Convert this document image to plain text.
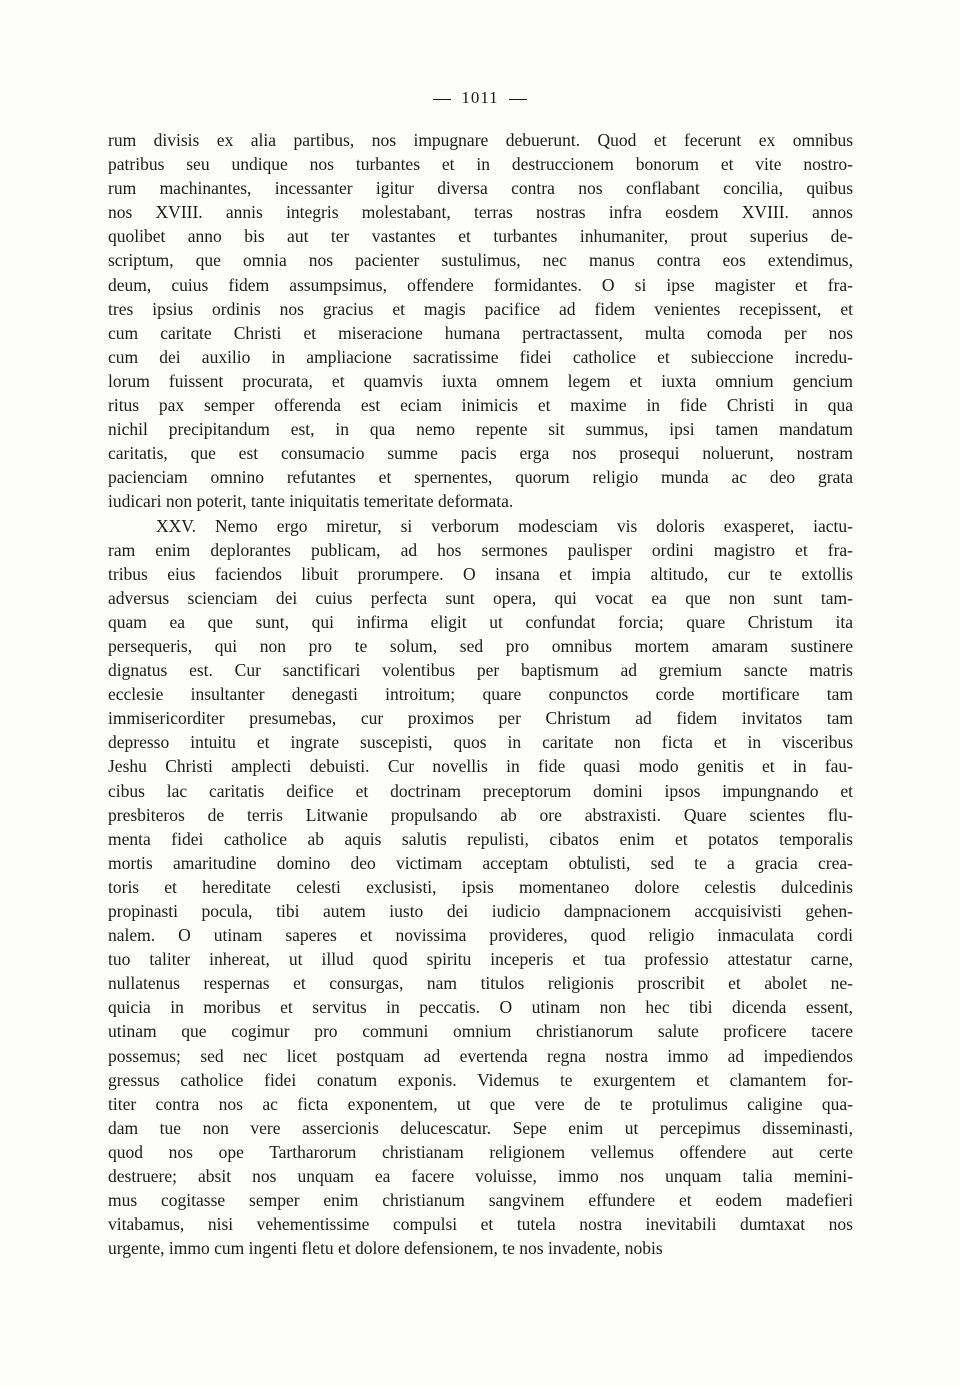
1011
rum divisis ex alia partibus, nos impugnare debuerunt. Quod et fecerunt ex omnibus
patribus seu undique nos turbantes et in destruccionem bonorum et vite nostro-
rum machinantes, incessanter igitur diversa contra nos conflabant concilia, quibus
nos XVIII. annis integris molestabant, terras nostras infra eosdem XVIII. annos
quolibet anno bis aut ter vastantes et turbantes inhumaniter, prout superius de-
scriptum, que omnia nos pacienter sustulimus, nec manus contra eos extendimus,
deum, cuius fidem assumpsimus, offendere formidantes. O si ipse magister et fra-
tres ipsius ordinis nos gracius et magis pacifice ad fidem venientes recepissent, et
cum caritate Christi et miseracione humana pertractassent, multa comoda per nos
cum dei auxilio in ampliacione sacratissime fidei catholice et subieccione incredu-
lorum fuissent procurata, et quamvis iuxta omnem legem et iuxta omnium gencium
ritus pax semper offerenda est eciam inimicis et maxime in fide Christi in qua
nichil precipitandum est, in qua nemo repente sit summus, ipsi tamen mandatum
caritatis, que est consumacio summe pacis erga nos prosequi noluerunt, nostram
pacienciam omnino refutantes et spernentes, quorum religio munda ac deo grata
iudicari non poterit, tante iniquitatis temeritate deformata.
XXV. Nemo ergo miretur, si verborum modesciam vis doloris exasperet, iactu-
ram enim deplorantes publicam, ad hos sermones paulisper ordini magistro et fra-
tribus eius faciendos libuit prorumpere. O insana et impia altitudo, cur te extollis
adversus scienciam dei cuius perfecta sunt opera, qui vocat ea que non sunt tam-
quam ea que sunt, qui infirma eligit ut confundat forcia; quare Christum ita
persequeris, qui non pro te solum, sed pro omnibus mortem amaram sustinere
dignatus est. Cur sanctificari volentibus per baptismum ad gremium sancte matris
ecclesie insultanter denegasti introitum; quare conpunctos corde mortificare tam
immisericorditer presumebas, cur proximos per Christum ad fidem invitatos tam
depresso intuitu et ingrate suscepisti, quos in caritate non ficta et in visceribus
Jeshu Christi amplecti debuisti. Cur novellis in fide quasi modo genitis et in fau-
cibus lac caritatis deifice et doctrinam preceptorum domini ipsos impungnando et
presbiteros de terris Litwanie propulsando ab ore abstraxisti. Quare scientes flu-
menta fidei catholice ab aquis salutis repulisti, cibatos enim et potatos temporalis
mortis amaritudine domino deo victimam acceptam obtulisti, sed te a gracia crea-
toris et hereditate celesti exclusisti, ipsis momentaneo dolore celestis dulcedinis
propinasti pocula, tibi autem iusto dei iudicio dampnacionem accquisivisti gehen-
nalem. O utinam saperes et novissima provideres, quod religio inmaculata cordi
tuo taliter inhereat, ut illud quod spiritu inceperis et tua professio attestatur carne,
nullatenus respernas et consurgas, nam titulos religionis proscribit et abolet ne-
quicia in moribus et servitus in peccatis. O utinam non hec tibi dicenda essent,
utinam que cogimur pro communi omnium christianorum salute proficere tacere
possemus; sed nec licet postquam ad evertenda regna nostra immo ad impediendos
gressus catholice fidei conatum exponis. Videmus te exurgentem et clamantem for-
titer contra nos ac ficta exponentem, ut que vere de te protulimus caligine qua-
dam tue non vere assercionis delucescatur. Sepe enim ut percepimus disseminasti,
quod nos ope Tartharorum christianam religionem vellemus offendere aut certe
destruere; absit nos unquam ea facere voluisse, immo nos unquam talia memini-
mus cogitasse semper enim christianum sangvinem effundere et eodem madefieri
vitabamus, nisi vehementissime compulsi et tutela nostra inevitabili dumtaxat nos
urgente, immo cum ingenti fletu et dolore defensionem, te nos invadente, nobis
